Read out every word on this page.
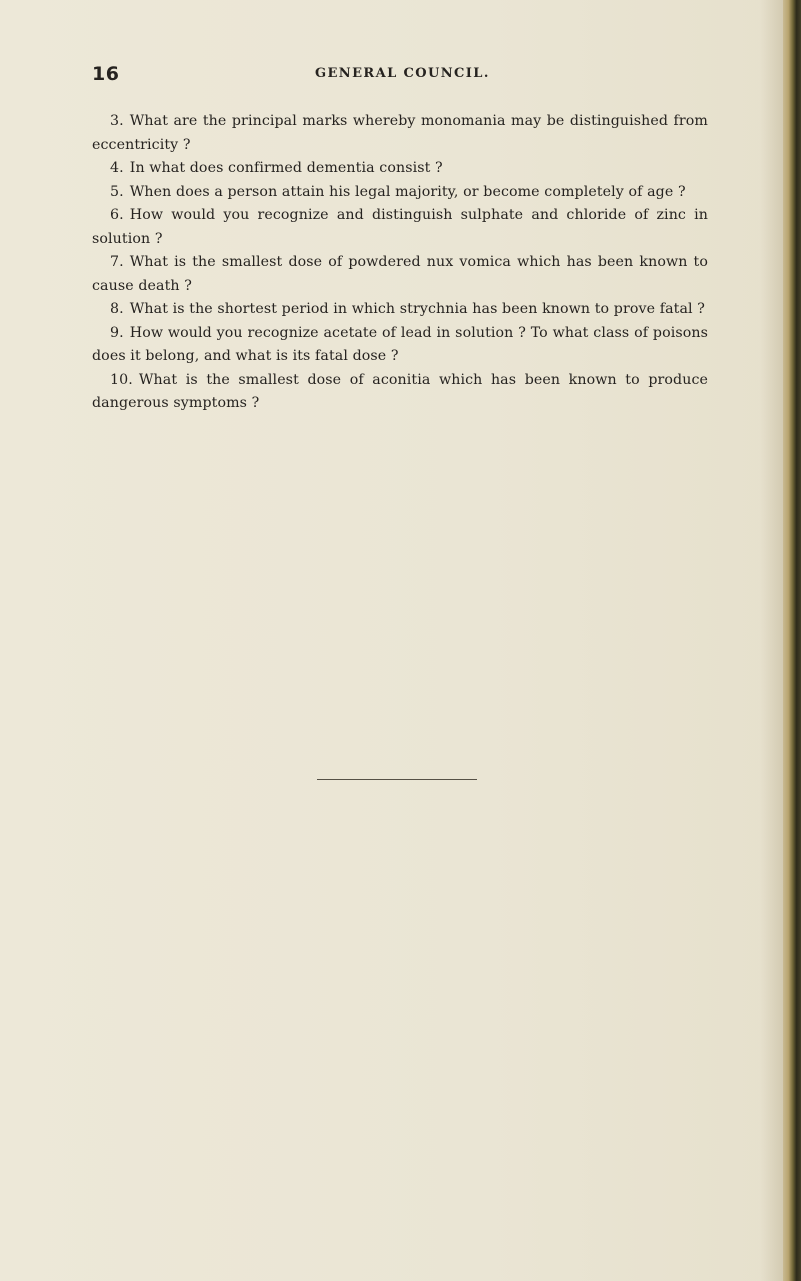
16	GENERAL COUNCIL.
3. What are the principal marks whereby monomania may be distinguished from eccentricity ?
4. In what does confirmed dementia consist ?
5. When does a person attain his legal majority, or become completely of age ?
6. How would you recognize and distinguish sulphate and chloride of zinc in solution ?
7. What is the smallest dose of powdered nux vomica which has been known to cause death ?
8. What is the shortest period in which strychnia has been known to prove fatal ?
9. How would you recognize acetate of lead in solution ? To what class of poisons does it belong, and what is its fatal dose ?
10. What is the smallest dose of aconitia which has been known to produce dangerous symptoms ?
